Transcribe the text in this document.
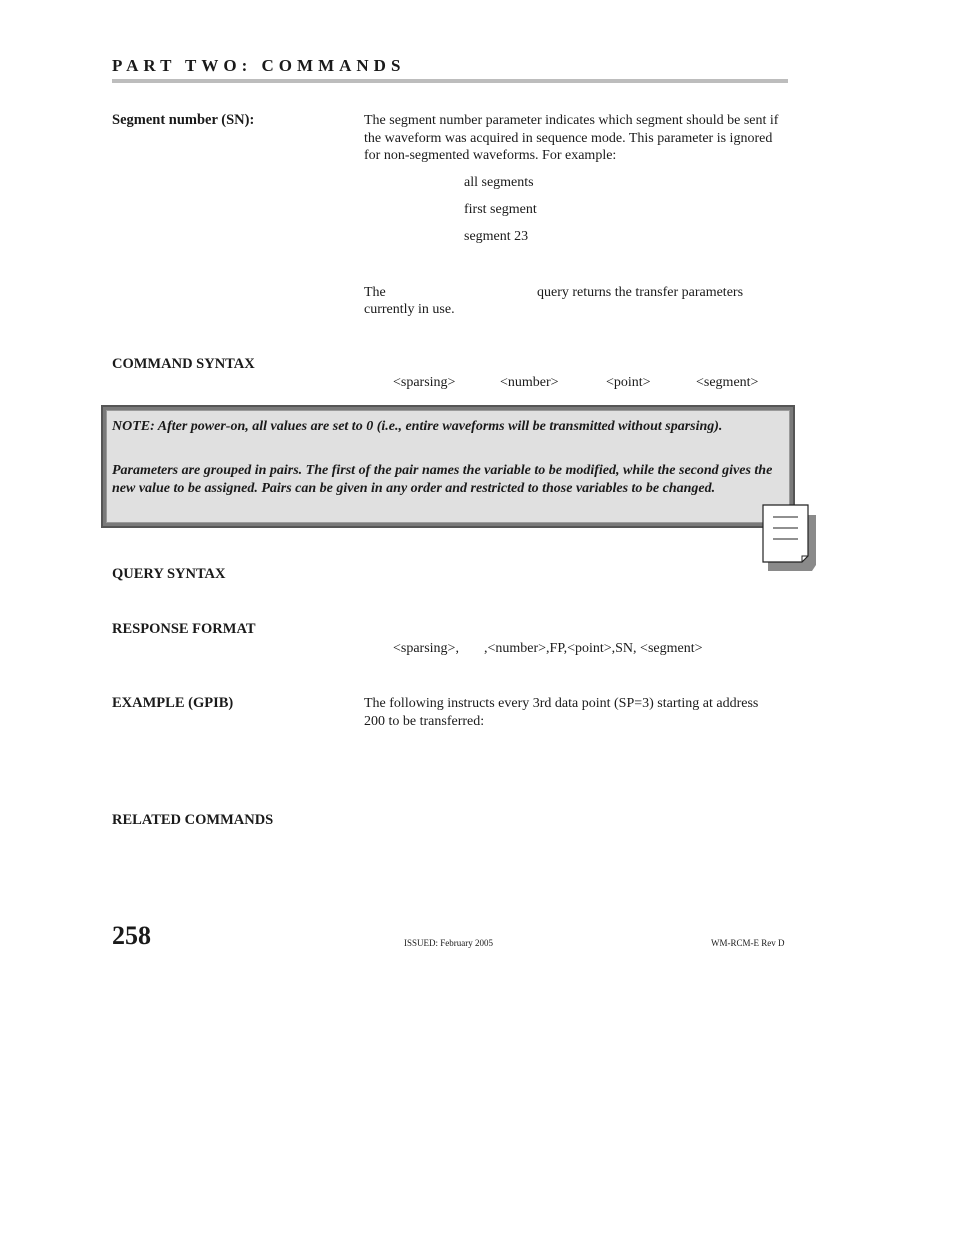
PART TWO: COMMANDS
Segment number (SN):	The segment number parameter indicates which segment should be sent if the waveform was acquired in sequence mode. This parameter is ignored for non-segmented waveforms. For example:
all segments
first segment
segment 23
The	query returns the transfer parameters
currently in use.
COMMAND SYNTAX
<sparsing>	<number>	<point>	<segment>
NOTE: After power-on, all values are set to 0 (i.e., entire waveforms will be transmitted without sparsing).
Parameters are grouped in pairs. The first of the pair names the variable to be modified, while the second gives the new value to be assigned. Pairs can be given in any order and restricted to those variables to be changed.
QUERY SYNTAX
RESPONSE FORMAT
<sparsing>, ,<number>,FP,<point>,SN, <segment>
EXAMPLE (GPIB)	The following instructs every 3rd data point (SP=3) starting at address 200 to be transferred:
RELATED COMMANDS
258	ISSUED: February 2005	WM-RCM-E Rev D
